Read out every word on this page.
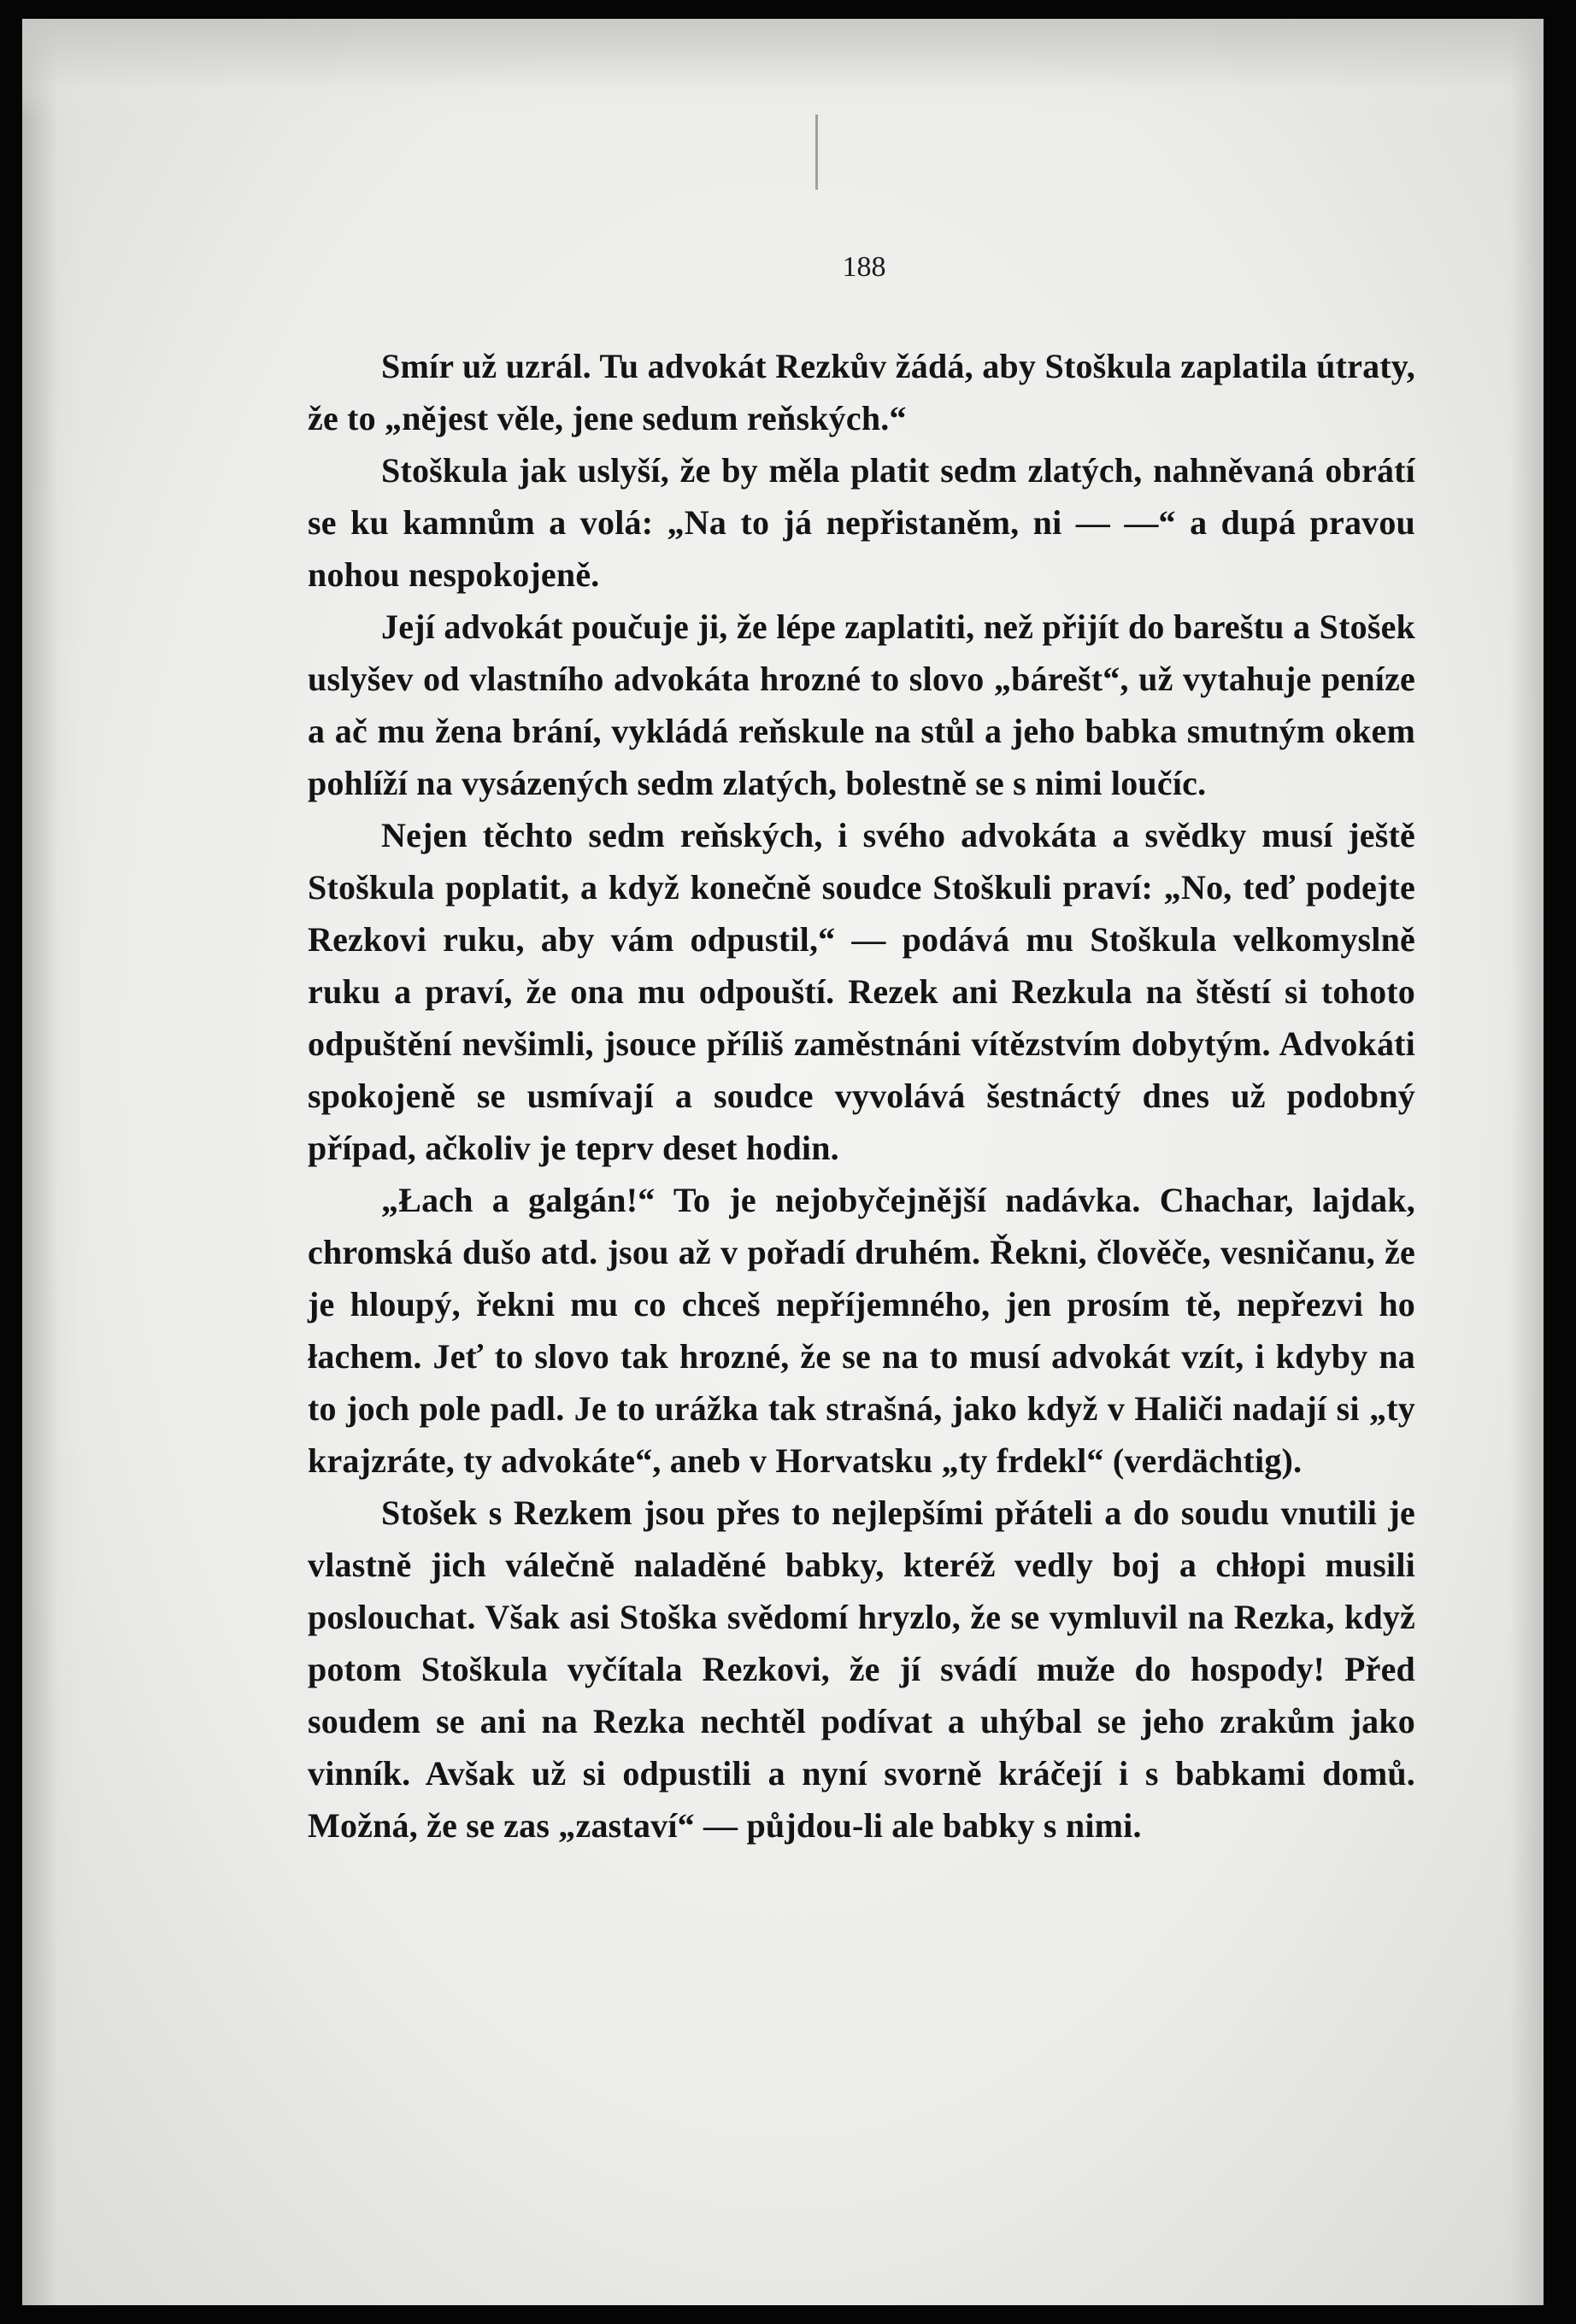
188

Smír už uzrál. Tu advokát Rezkův žádá, aby Stoškula zaplatila útraty, že to „nějest věle, jene sedum reňských.“

Stoškula jak uslyší, že by měla platit sedm zlatých, nahněvaná obrátí se ku kamnům a volá: „Na to já nepřistaněm, ni — —“ a dupá pravou nohou nespokojeně.

Její advokát poučuje ji, že lépe zaplatiti, než přijít do bareštu a Stošek uslyšev od vlastního advokáta hrozné to slovo „bárešt“, už vytahuje peníze a ač mu žena brání, vykládá reňskule na stůl a jeho babka smutným okem pohlíží na vysázených sedm zlatých, bolestně se s nimi loučíc.

Nejen těchto sedm reňských, i svého advokáta a svědky musí ještě Stoškula poplatit, a když konečně soudce Stoškuli praví: „No, teď podejte Rezkovi ruku, aby vám odpustil,“ — podává mu Stoškula velkomyslně ruku a praví, že ona mu odpouští. Rezek ani Rezkula na štěstí si tohoto odpuštění nevšimli, jsouce příliš zaměstnáni vítězstvím dobytým. Advokáti spokojeně se usmívají a soudce vyvolává šestnáctý dnes už podobný případ, ačkoliv je teprv deset hodin.

„Łach a galgán!“ To je nejobyčejnější nadávka. Chachar, lajdak, chromská dušo atd. jsou až v pořadí druhém. Řekni, člověče, vesničanu, že je hloupý, řekni mu co chceš nepříjemného, jen prosím tě, nepřezvi ho łachem. Jeť to slovo tak hrozné, že se na to musí advokát vzít, i kdyby na to joch pole padl. Je to urážka tak strašná, jako když v Haliči nadají si „ty krajzráte, ty advokáte“, aneb v Horvatsku „ty frdekl“ (verdächtig).

Stošek s Rezkem jsou přes to nejlepšími přáteli a do soudu vnutili je vlastně jich válečně naladěné babky, kteréž vedly boj a chłopi musili poslouchat. Však asi Stoška svědomí hryzlo, že se vymluvil na Rezka, když potom Stoškula vyčítala Rezkovi, že jí svádí muže do hospody! Před soudem se ani na Rezka nechtěl podívat a uhýbal se jeho zrakům jako vinník. Avšak už si odpustili a nyní svorně kráčejí i s babkami domů. Možná, že se zas „zastaví“ — půjdou-li ale babky s nimi.
